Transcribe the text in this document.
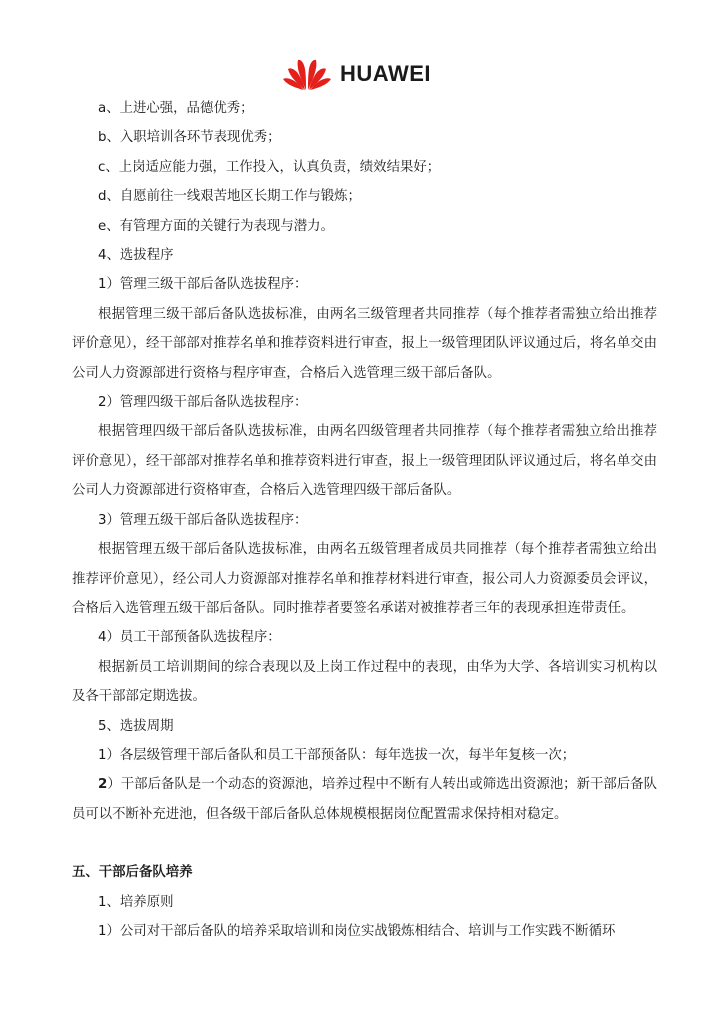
HUAWEI

a、上进心强，品德优秀；

b、入职培训各环节表现优秀；

c、上岗适应能力强，工作投入，认真负责，绩效结果好；

d、自愿前往一线艰苦地区长期工作与锻炼；

e、有管理方面的关键行为表现与潜力。

4、选拔程序

1）管理三级干部后备队选拔程序：

根据管理三级干部后备队选拔标准，由两名三级管理者共同推荐（每个推荐者需独立给出推荐评价意见），经干部部对推荐名单和推荐资料进行审查，报上一级管理团队评议通过后，将名单交由公司人力资源部进行资格与程序审查，合格后入选管理三级干部后备队。

2）管理四级干部后备队选拔程序：

根据管理四级干部后备队选拔标准，由两名四级管理者共同推荐（每个推荐者需独立给出推荐评价意见），经干部部对推荐名单和推荐资料进行审查，报上一级管理团队评议通过后，将名单交由公司人力资源部进行资格审查，合格后入选管理四级干部后备队。

3）管理五级干部后备队选拔程序：

根据管理五级干部后备队选拔标准，由两名五级管理者成员共同推荐（每个推荐者需独立给出推荐评价意见），经公司人力资源部对推荐名单和推荐材料进行审查，报公司人力资源委员会评议，合格后入选管理五级干部后备队。同时推荐者要签名承诺对被推荐者三年的表现承担连带责任。

4）员工干部预备队选拔程序：

根据新员工培训期间的综合表现以及上岗工作过程中的表现，由华为大学、各培训实习机构以及各干部部定期选拔。

5、选拔周期

1）各层级管理干部后备队和员工干部预备队：每年选拔一次，每半年复核一次；

2）干部后备队是一个动态的资源池，培养过程中不断有人转出或筛选出资源池；新干部后备队员可以不断补充进池，但各级干部后备队总体规模根据岗位配置需求保持相对稳定。

五、干部后备队培养

1、培养原则

1）公司对干部后备队的培养采取培训和岗位实战锻炼相结合、培训与工作实践不断循环
